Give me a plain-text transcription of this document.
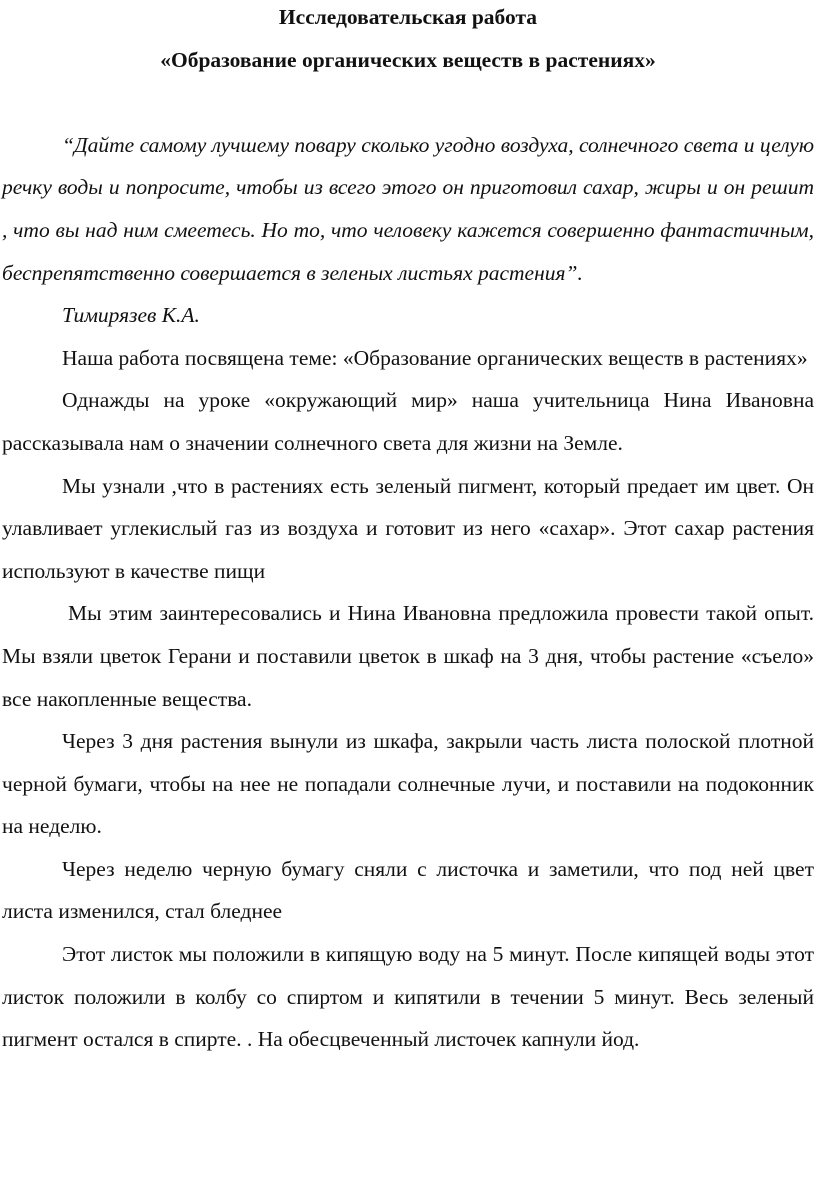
Исследовательская работа
«Образование органических веществ в растениях»

“Дайте самому лучшему повару сколько угодно воздуха, солнечного света и целую речку воды и попросите, чтобы из всего этого он приготовил сахар, жиры и он решит , что вы над ним смеетесь. Но то, что человеку кажется совершенно фантастичным, беспрепятственно совершается в зеленых листьях растения”.

Тимирязев К.А.

Наша работа посвящена теме: «Образование органических веществ в растениях»

Однажды на уроке «окружающий мир» наша учительница Нина Ивановна рассказывала нам о значении солнечного света для жизни на Земле.

Мы узнали ,что в растениях есть зеленый пигмент, который предает им цвет. Он улавливает углекислый газ из воздуха и готовит из него «сахар». Этот сахар растения используют в качестве пищи

Мы этим заинтересовались и Нина Ивановна предложила провести такой опыт. Мы взяли цветок Герани и поставили цветок в шкаф на 3 дня, чтобы растение «съело» все накопленные вещества.

Через 3 дня растения вынули из шкафа, закрыли часть листа полоской плотной черной бумаги, чтобы на нее не попадали солнечные лучи, и поставили на подоконник на неделю.

Через неделю черную бумагу сняли с листочка и заметили, что под ней цвет листа изменился, стал бледнее

Этот листок мы положили в кипящую воду на 5 минут. После кипящей воды этот листок положили в колбу со спиртом и кипятили в течении 5 минут. Весь зеленый пигмент остался в спирте. . На обесцвеченный листочек капнули йод.
